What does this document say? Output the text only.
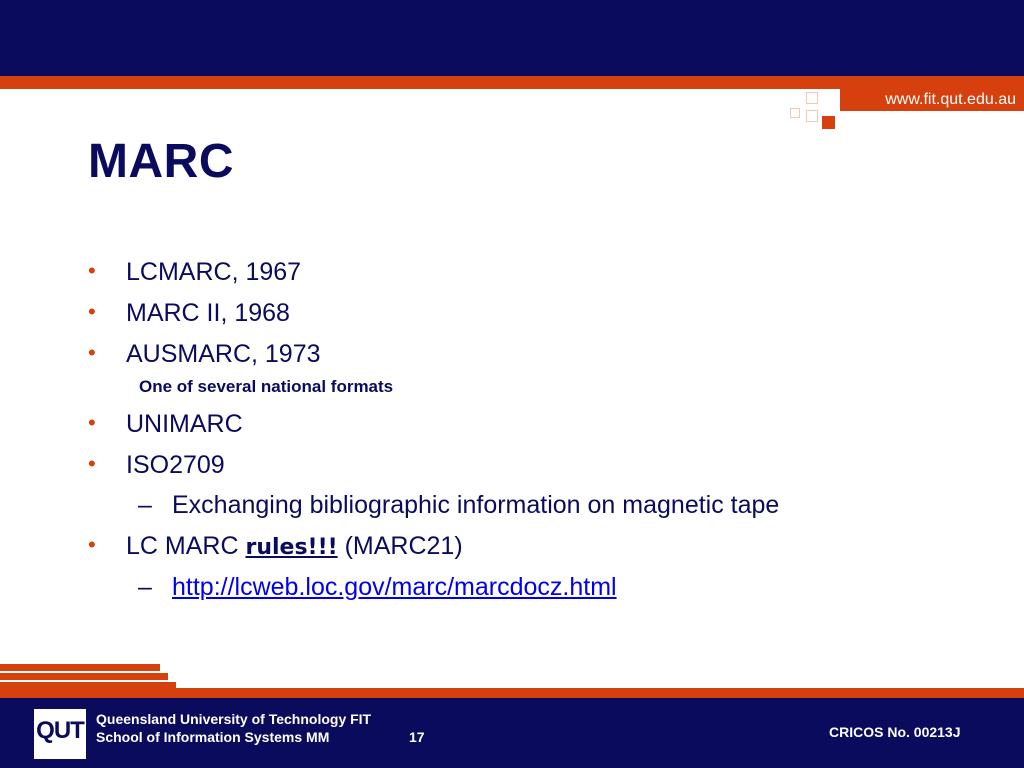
www.fit.qut.edu.au
MARC
• LCMARC, 1967
• MARC II, 1968
• AUSMARC, 1973
One of several national formats
• UNIMARC
• ISO2709
– Exchanging bibliographic information on magnetic tape
• LC MARC rules!!! (MARC21)
– http://lcweb.loc.gov/marc/marcdocz.html
QUT Queensland University of Technology FIT
School of Information Systems MM	17	CRICOS No. 00213J
